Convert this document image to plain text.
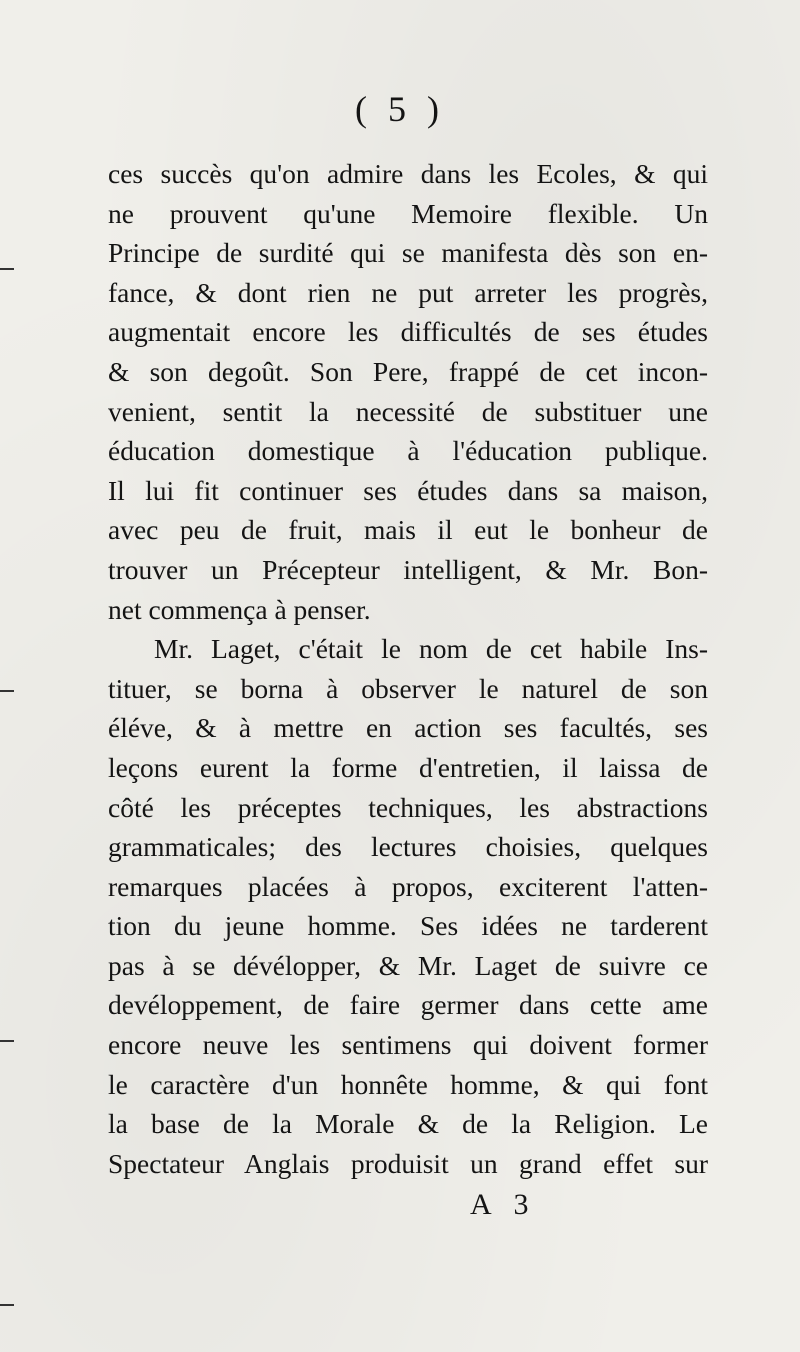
( 5 )
ces succès qu'on admire dans les Ecoles, & qui
ne prouvent qu'une Memoire flexible. Un
Principe de surdité qui se manifesta dès son en-
fance, & dont rien ne put arreter les progrès,
augmentait encore les difficultés de ses études
& son degoût. Son Pere, frappé de cet incon-
venient, sentit la necessité de substituer une
éducation domestique à l'éducation publique.
Il lui fit continuer ses études dans sa maison,
avec peu de fruit, mais il eut le bonheur de
trouver un Précepteur intelligent, & Mr. Bon-
net commença à penser.
Mr. Laget, c'était le nom de cet habile Ins-
tituer, se borna à observer le naturel de son
éléve, & à mettre en action ses facultés, ses
leçons eurent la forme d'entretien, il laissa de
côté les préceptes techniques, les abstractions
grammaticales; des lectures choisies, quelques
remarques placées à propos, exciterent l'atten-
tion du jeune homme. Ses idées ne tarderent
pas à se dévélopper, & Mr. Laget de suivre ce
devéloppement, de faire germer dans cette ame
encore neuve les sentimens qui doivent former
le caractère d'un honnête homme, & qui font
la base de la Morale & de la Religion. Le
Spectateur Anglais produisit un grand effet sur
A 3
